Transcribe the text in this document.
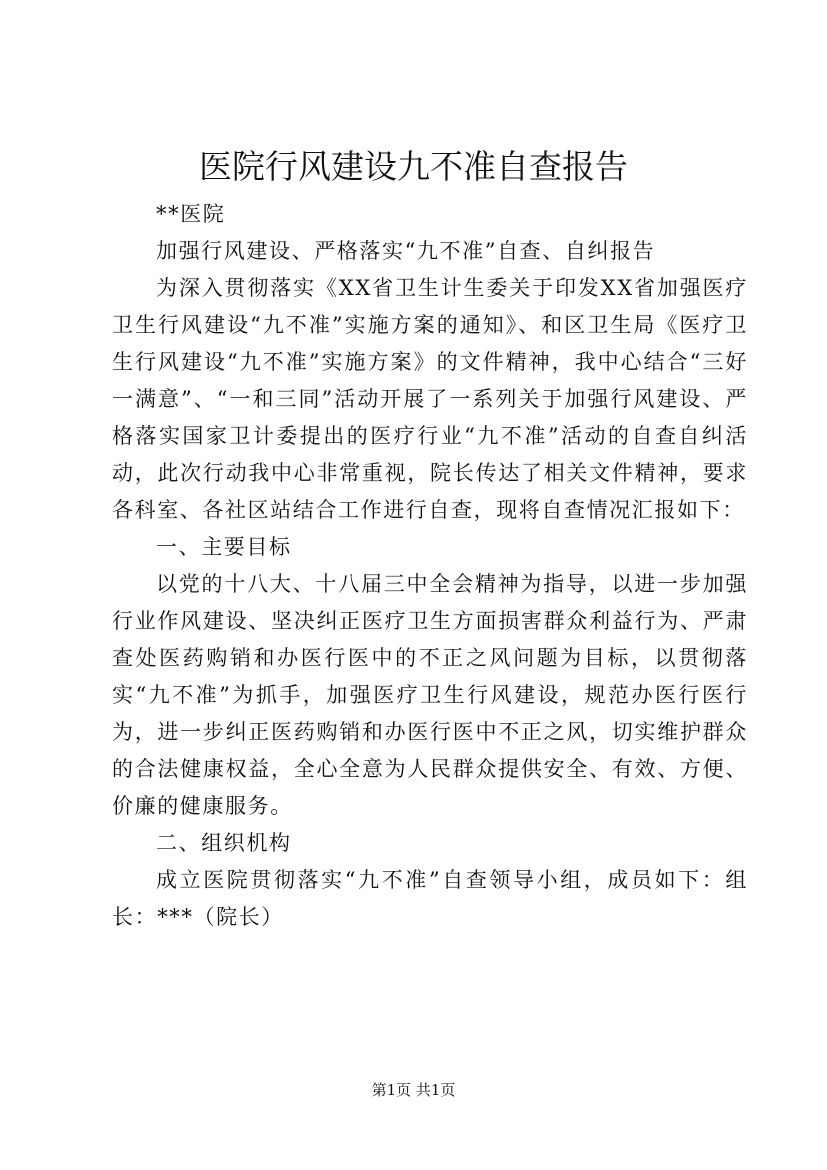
医院行风建设九不准自查报告

**医院

加强行风建设、严格落实“九不准”自查、自纠报告

为深入贯彻落实《XX省卫生计生委关于印发XX省加强医疗卫生行风建设“九不准”实施方案的通知》、和区卫生局《医疗卫生行风建设“九不准”实施方案》的文件精神，我中心结合“三好一满意”、“一和三同”活动开展了一系列关于加强行风建设、严格落实国家卫计委提出的医疗行业“九不准”活动的自查自纠活动，此次行动我中心非常重视，院长传达了相关文件精神，要求各科室、各社区站结合工作进行自查，现将自查情况汇报如下：

一、主要目标

以党的十八大、十八届三中全会精神为指导，以进一步加强行业作风建设、坚决纠正医疗卫生方面损害群众利益行为、严肃查处医药购销和办医行医中的不正之风问题为目标，以贯彻落实“九不准”为抓手，加强医疗卫生行风建设，规范办医行医行为，进一步纠正医药购销和办医行医中不正之风，切实维护群众的合法健康权益，全心全意为人民群众提供安全、有效、方便、价廉的健康服务。

二、组织机构

成立医院贯彻落实“九不准”自查领导小组，成员如下：组长：***（院长）

第1页 共1页
